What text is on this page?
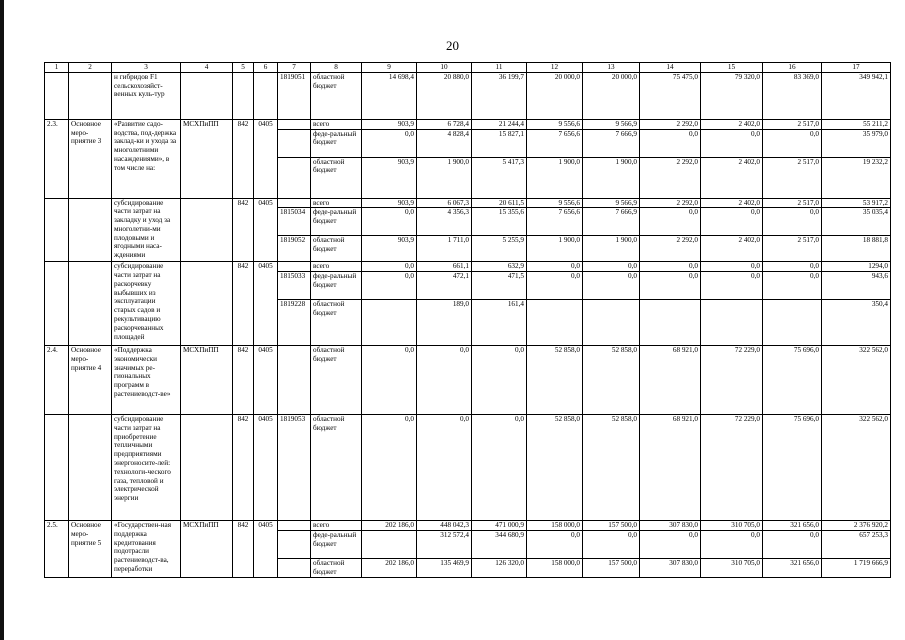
20
1	2	3	4	5	6	7	8	9	10	11	12	13	14	15	16	17
		н гибридов F1 сельскохозяйст-венных куль-тур				1819051	областной бюджет	14 698,4	20 880,0	36 199,7	20 000,0	20 000,0	75 475,0	79 320,0	83 369,0	349 942,1
2.3.	Основное меро-приятие 3	«Развитие садо-водства, под-держка заклад-ки и ухода за многолетними насаждениями», в том числе на:	МСХПиПП	842	0405		всего	903,9	6 728,4	21 244,4	9 556,6	9 566,9	2 292,0	2 402,0	2 517,0	55 211,2
							феде-ральный бюджет	0,0	4 828,4	15 827,1	7 656,6	7 666,9	0,0	0,0	0,0	35 979,0
							областной бюджет	903,9	1 900,0	5 417,3	1 900,0	1 900,0	2 292,0	2 402,0	2 517,0	19 232,2
		субсидирование части затрат на закладку и уход за многолетни-ми плодовыми и ягодными наса-ждениями		842	0405		всего	903,9	6 067,3	20 611,5	9 556,6	9 566,9	2 292,0	2 402,0	2 517,0	53 917,2
						1815034	феде-ральный бюджет	0,0	4 356,3	15 355,6	7 656,6	7 666,9	0,0	0,0	0,0	35 035,4
						1819052	областной бюджет	903,9	1 711,0	5 255,9	1 900,0	1 900,0	2 292,0	2 402,0	2 517,0	18 881,8
		субсидирование части затрат на раскорчевку выбывших из эксплуатации старых садов и рекультивацию раскорчеванных площадей		842	0405		всего	0,0	661,1	632,9	0,0	0,0	0,0	0,0	0,0	1294,0
						1815033	феде-ральный бюджет	0,0	472,1	471,5	0,0	0,0	0,0	0,0	0,0	943,6
						1819228	областной бюджет		189,0	161,4						350,4
2.4.	Основное меро-приятие 4	«Поддержка экономически значимых ре-гиональных программ в растениеводст-ве»	МСХПиПП	842	0405		областной бюджет	0,0	0,0	0,0	52 858,0	52 858,0	68 921,0	72 229,0	75 696,0	322 562,0
		субсидирование части затрат на приобретение тепличными предприятиями энергоносите-лей: технологи-ческого газа, тепловой и электрической энергии		842	0405	1819053	областной бюджет	0,0	0,0	0,0	52 858,0	52 858,0	68 921,0	72 229,0	75 696,0	322 562,0
2.5.	Основное меро-приятие 5	«Государствен-ная поддержка кредитования подотрасли растениеводст-ва, переработки	МСХПиПП	842	0405		всего	202 186,0	448 042,3	471 000,9	158 000,0	157 500,0	307 830,0	310 705,0	321 656,0	2 376 920,2
							феде-ральный бюджет		312 572,4	344 680,9	0,0	0,0	0,0	0,0	0,0	657 253,3
							областной бюджет	202 186,0	135 469,9	126 320,0	158 000,0	157 500,0	307 830,0	310 705,0	321 656,0	1 719 666,9
